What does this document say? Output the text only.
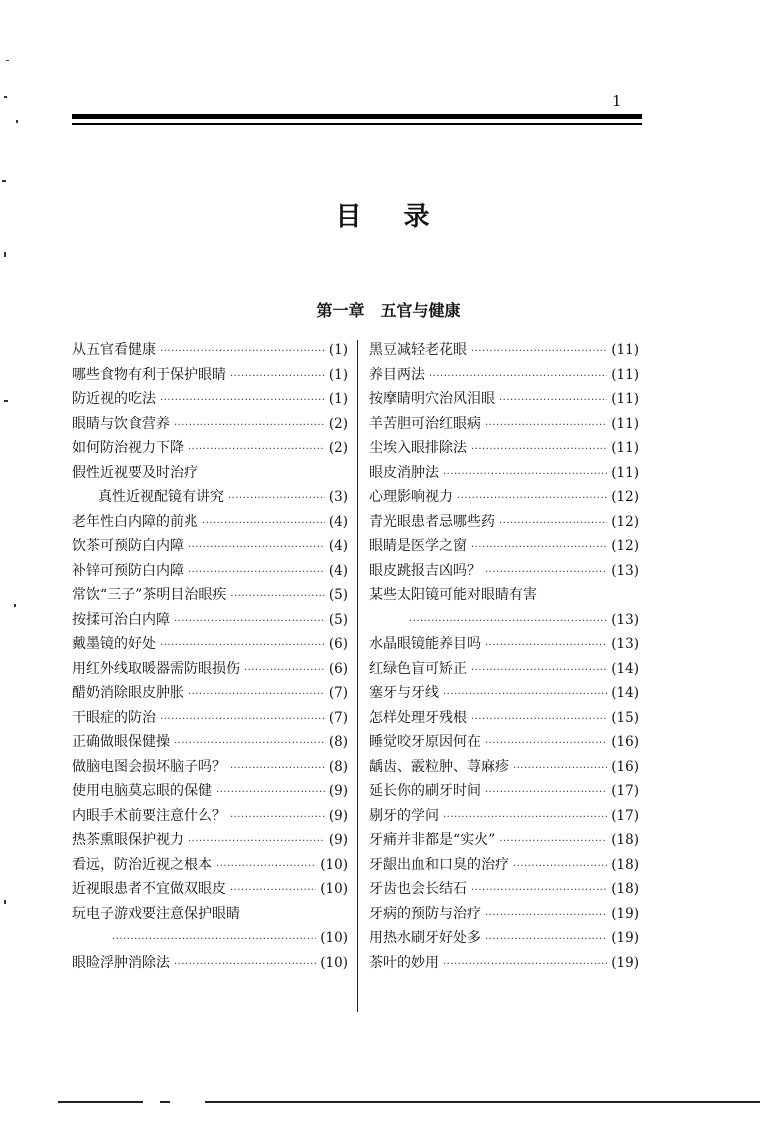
1
目录
第一章 五官与健康
从五官看健康 ·····	(1)
哪些食物有利于保护眼睛 ·····	(1)
防近视的吃法 ·····	(1)
眼睛与饮食营养 ·····	(2)
如何防治视力下降 ·····	(2)
假性近视要及时治疗
真性近视配镜有讲究 ·····	(3)
老年性白内障的前兆 ·····	(4)
饮茶可预防白内障 ·····	(4)
补锌可预防白内障 ·····	(4)
常饮“三子”茶明目治眼疾 ·····	(5)
按揉可治白内障 ·····	(5)
戴墨镜的好处 ·····	(6)
用红外线取暖器需防眼损伤 ·····	(6)
醋奶消除眼皮肿胀 ·····	(7)
干眼症的防治 ·····	(7)
正确做眼保健操 ·····	(8)
做脑电图会损坏脑子吗？ ·····	(8)
使用电脑莫忘眼的保健 ·····	(9)
内眼手术前要注意什么？ ·····	(9)
热茶熏眼保护视力 ·····	(9)
看远，防治近视之根本 ·····	(10)
近视眼患者不宜做双眼皮 ·····	(10)
玩电子游戏要注意保护眼睛
·····
(10)
眼睑浮肿消除法 ·····	(10)
黑豆减轻老花眼 ·····	(11)
养目两法 ·····	(11)
按摩睛明穴治风泪眼 ·····	(11)
羊苦胆可治红眼病 ·····	(11)
尘埃入眼排除法 ·····	(11)
眼皮消肿法 ·····	(11)
心理影响视力 ·····	(12)
青光眼患者忌哪些药 ·····	(12)
眼睛是医学之窗 ·····	(12)
眼皮跳报吉凶吗？ ·····	(13)
某些太阳镜可能对眼睛有害
·····
(13)
水晶眼镜能养目吗 ·····	(13)
红绿色盲可矫正 ·····	(14)
塞牙与牙线 ·····	(14)
怎样处理牙残根 ·····	(15)
睡觉咬牙原因何在 ·····	(16)
龋齿、霰粒肿、荨麻疹 ·····	(16)
延长你的刷牙时间 ·····	(17)
剔牙的学问 ·····	(17)
牙痛并非都是“实火” ·····	(18)
牙龈出血和口臭的治疗 ·····	(18)
牙齿也会长结石 ·····	(18)
牙病的预防与治疗 ·····	(19)
用热水刷牙好处多 ·····	(19)
茶叶的妙用 ·····	(19)
